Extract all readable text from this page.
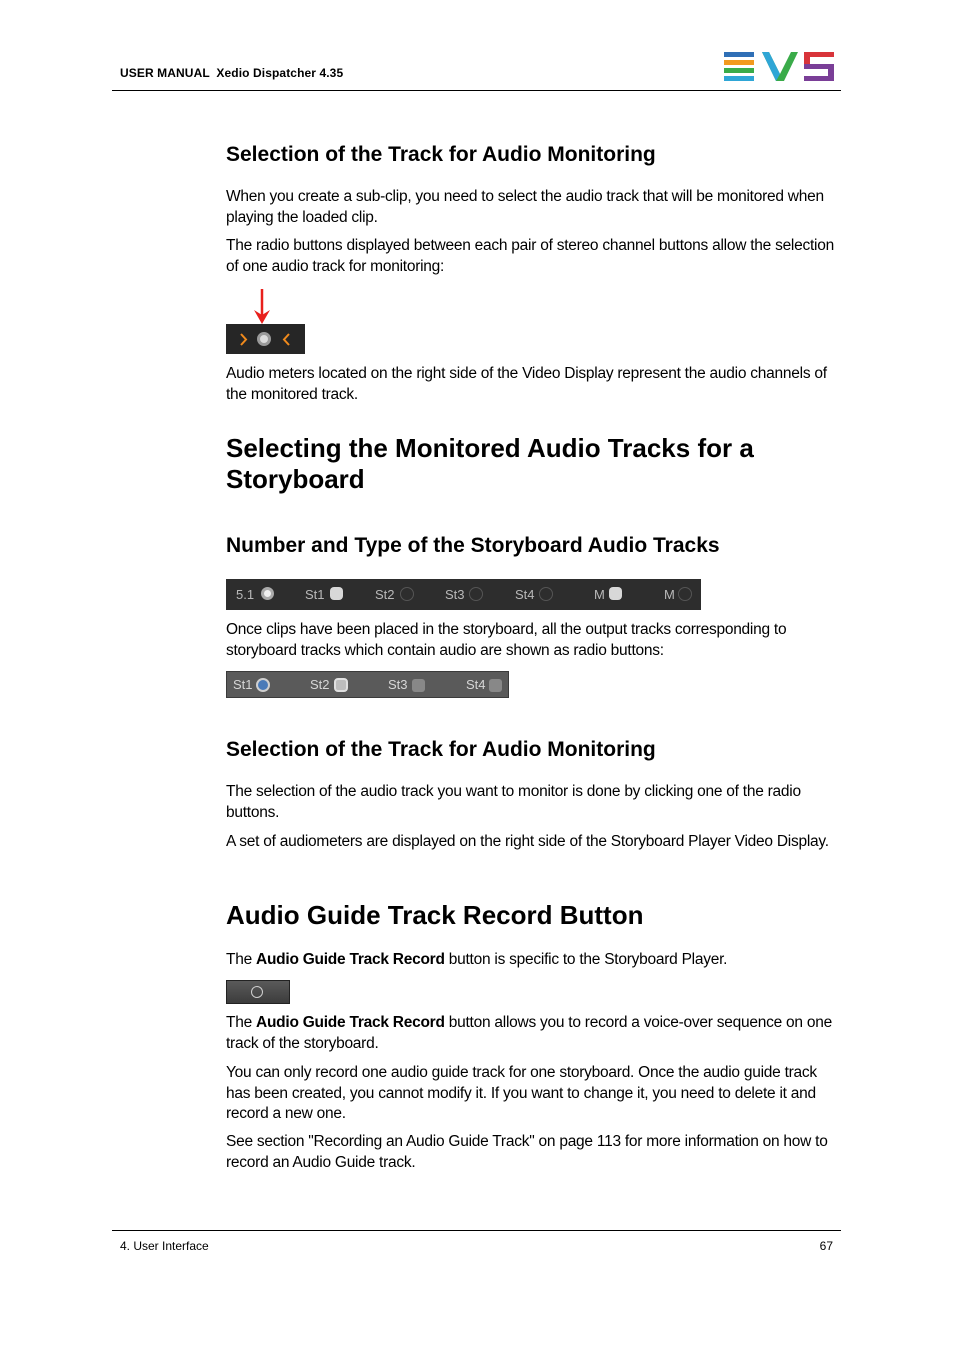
USER MANUAL  Xedio Dispatcher 4.35
Selection of the Track for Audio Monitoring
When you create a sub-clip, you need to select the audio track that will be monitored when playing the loaded clip.
The radio buttons displayed between each pair of stereo channel buttons allow the selection of one audio track for monitoring:
Audio meters located on the right side of the Video Display represent the audio channels of the monitored track.
Selecting the Monitored Audio Tracks for a Storyboard
Number and Type of the Storyboard Audio Tracks
5.1	St1	St2	St3	St4	M	M
Once clips have been placed in the storyboard, all the output tracks corresponding to storyboard tracks which contain audio are shown as radio buttons:
St1	St2	St3	St4
Selection of the Track for Audio Monitoring
The selection of the audio track you want to monitor is done by clicking one of the radio buttons.
A set of audiometers are displayed on the right side of the Storyboard Player Video Display.
Audio Guide Track Record Button
The Audio Guide Track Record button is specific to the Storyboard Player.
The Audio Guide Track Record button allows you to record a voice-over sequence on one track of the storyboard.
You can only record one audio guide track for one storyboard. Once the audio guide track has been created, you cannot modify it. If you want to change it, you need to delete it and record a new one.
See section "Recording an Audio Guide Track" on page 113 for more information on how to record an Audio Guide track.
4. User Interface	67
